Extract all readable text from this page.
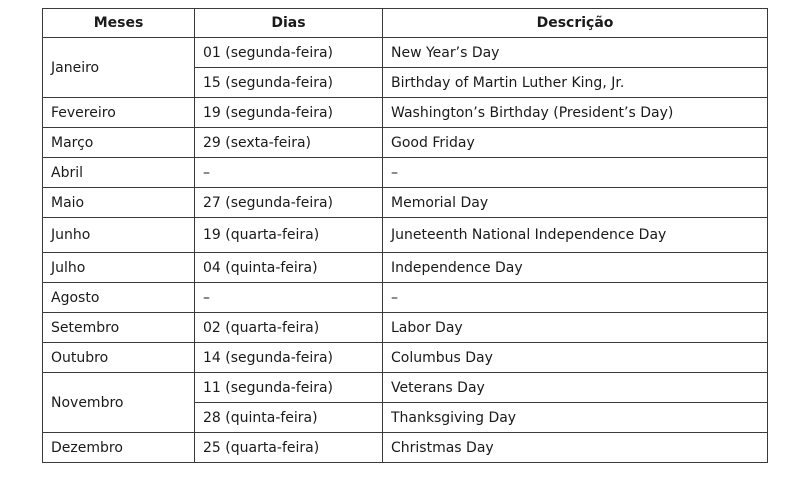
Meses	Dias	Descrição
Janeiro	01 (segunda-feira)	New Year’s Day
	15 (segunda-feira)	Birthday of Martin Luther King, Jr.
Fevereiro	19 (segunda-feira)	Washington’s Birthday (President’s Day)
Março	29 (sexta-feira)	Good Friday
Abril	–	–
Maio	27 (segunda-feira)	Memorial Day
Junho	19 (quarta-feira)	Juneteenth National Independence Day
Julho	04 (quinta-feira)	Independence Day
Agosto	–	–
Setembro	02 (quarta-feira)	Labor Day
Outubro	14 (segunda-feira)	Columbus Day
Novembro	11 (segunda-feira)	Veterans Day
	28 (quinta-feira)	Thanksgiving Day
Dezembro	25 (quarta-feira)	Christmas Day
